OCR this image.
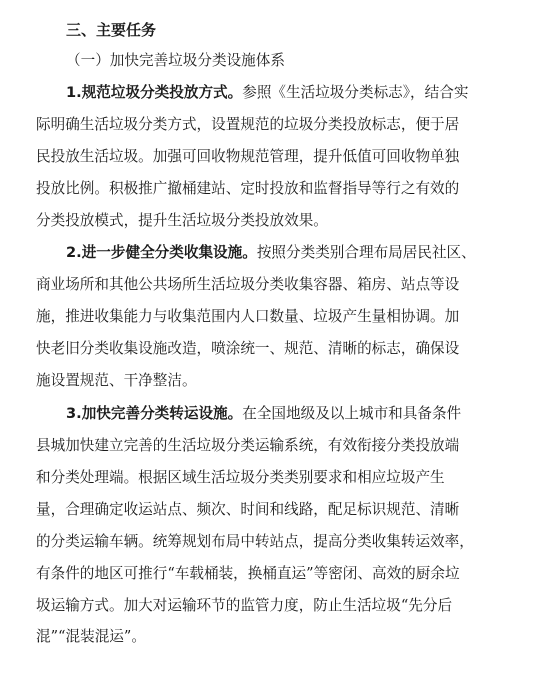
三、主要任务
（一）加快完善垃圾分类设施体系
1.规范垃圾分类投放方式。参照《生活垃圾分类标志》，结合实
际明确生活垃圾分类方式，设置规范的垃圾分类投放标志，便于居
民投放生活垃圾。加强可回收物规范管理，提升低值可回收物单独
投放比例。积极推广撤桶建站、定时投放和监督指导等行之有效的
分类投放模式，提升生活垃圾分类投放效果。
2.进一步健全分类收集设施。按照分类类别合理布局居民社区、
商业场所和其他公共场所生活垃圾分类收集容器、箱房、站点等设
施，推进收集能力与收集范围内人口数量、垃圾产生量相协调。加
快老旧分类收集设施改造，喷涂统一、规范、清晰的标志，确保设
施设置规范、干净整洁。
3.加快完善分类转运设施。在全国地级及以上城市和具备条件
县城加快建立完善的生活垃圾分类运输系统，有效衔接分类投放端
和分类处理端。根据区域生活垃圾分类类别要求和相应垃圾产生
量，合理确定收运站点、频次、时间和线路，配足标识规范、清晰
的分类运输车辆。统筹规划布局中转站点，提高分类收集转运效率，
有条件的地区可推行“车载桶装，换桶直运”等密闭、高效的厨余垃
圾运输方式。加大对运输环节的监管力度，防止生活垃圾“先分后
混”“混装混运”。
